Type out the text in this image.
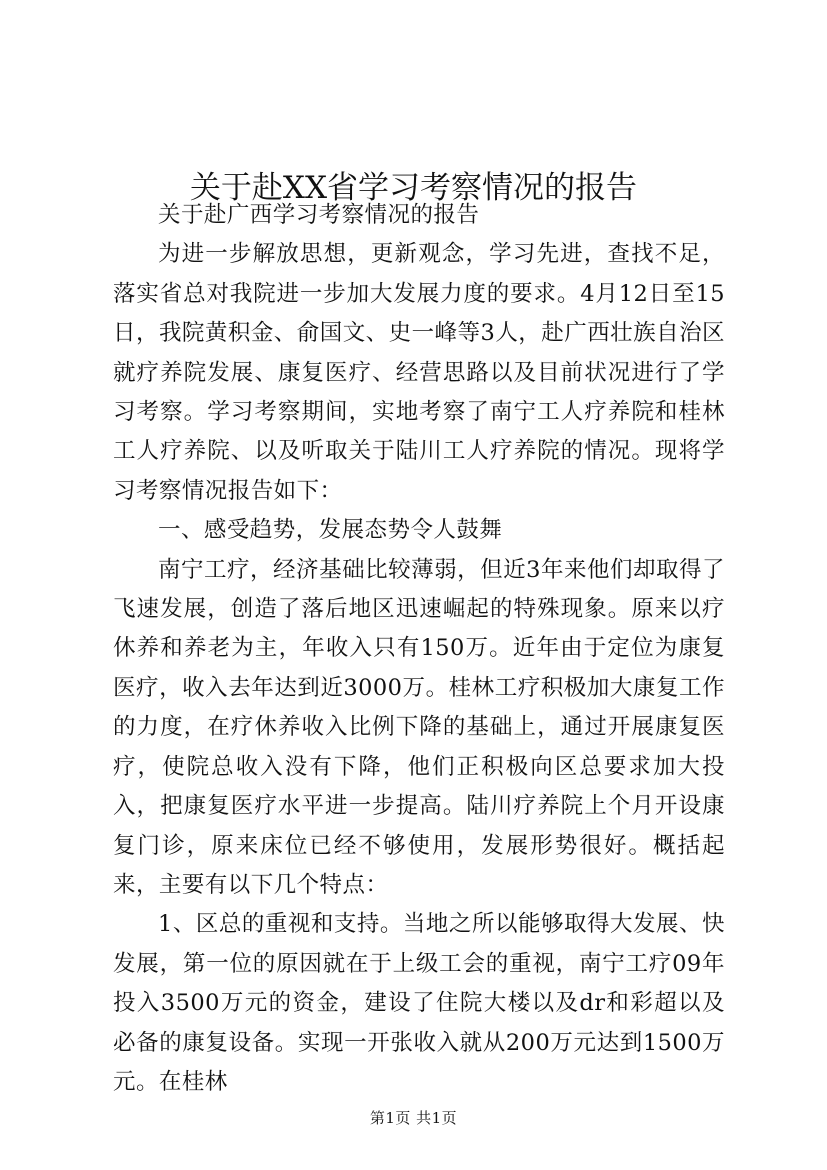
关于赴XX省学习考察情况的报告

关于赴广西学习考察情况的报告

为进一步解放思想，更新观念，学习先进，查找不足，落实省总对我院进一步加大发展力度的要求。4月12日至15日，我院黄积金、俞国文、史一峰等3人，赴广西壮族自治区就疗养院发展、康复医疗、经营思路以及目前状况进行了学习考察。学习考察期间，实地考察了南宁工人疗养院和桂林工人疗养院、以及听取关于陆川工人疗养院的情况。现将学习考察情况报告如下：

一、感受趋势，发展态势令人鼓舞

南宁工疗，经济基础比较薄弱，但近3年来他们却取得了飞速发展，创造了落后地区迅速崛起的特殊现象。原来以疗休养和养老为主，年收入只有150万。近年由于定位为康复医疗，收入去年达到近3000万。桂林工疗积极加大康复工作的力度，在疗休养收入比例下降的基础上，通过开展康复医疗，使院总收入没有下降，他们正积极向区总要求加大投入，把康复医疗水平进一步提高。陆川疗养院上个月开设康复门诊，原来床位已经不够使用，发展形势很好。概括起来，主要有以下几个特点：

1、区总的重视和支持。当地之所以能够取得大发展、快发展，第一位的原因就在于上级工会的重视，南宁工疗09年投入3500万元的资金，建设了住院大楼以及dr和彩超以及必备的康复设备。实现一开张收入就从200万元达到1500万元。在桂林

第1页 共1页
